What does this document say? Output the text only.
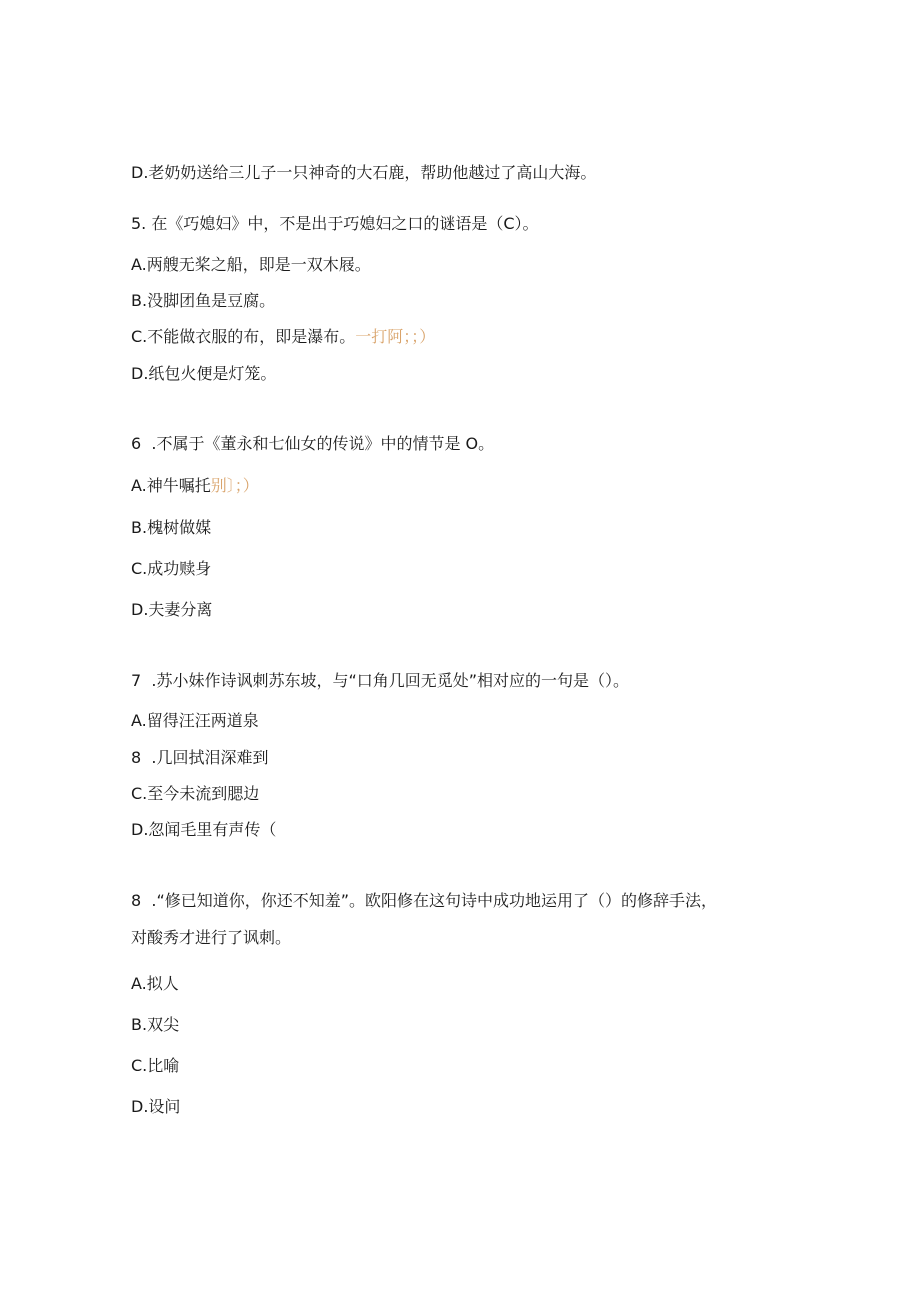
D.老奶奶送给三儿子一只神奇的大石鹿，帮助他越过了高山大海。
5. 在《巧媳妇》中，不是出于巧媳妇之口的谜语是（C）。
A.两艘无桨之船，即是一双木屐。
B.没脚团鱼是豆腐。
C.不能做衣服的布，即是瀑布。一打阿；；）
D.纸包火便是灯笼。
6  .不属于《董永和七仙女的传说》中的情节是 O。
A.神牛嘱托别〕；）
B.槐树做媒
C.成功赎身
D.夫妻分离
7  .苏小妹作诗讽刺苏东坡，与“口角几回无觅处”相对应的一句是（）。
A.留得汪汪两道泉
8  .几回拭泪深难到
C.至今未流到腮边
D.忽闻毛里有声传（
8  .“修已知道你，你还不知羞”。欧阳修在这句诗中成功地运用了（）的修辞手法，
对酸秀才进行了讽刺。
A.拟人
B.双尖
C.比喻
D.设问
